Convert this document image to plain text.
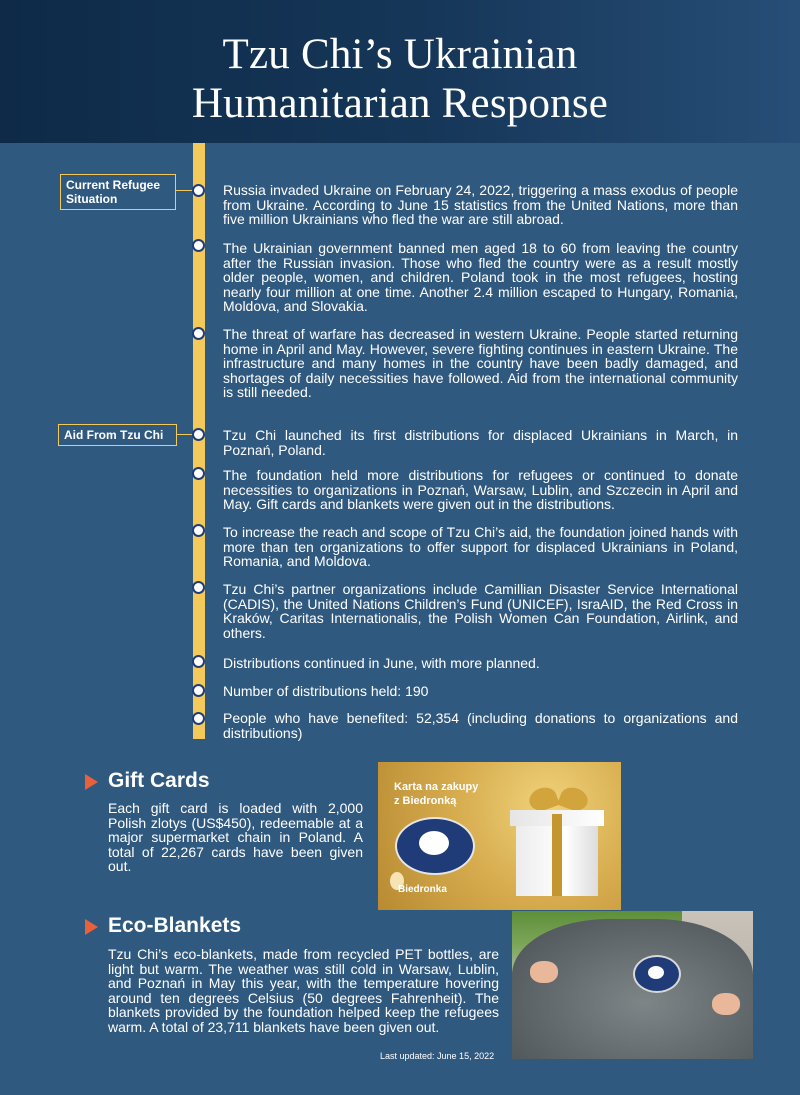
Tzu Chi’s Ukrainian
Humanitarian Response
Current Refugee
Situation
Aid From Tzu Chi
Russia invaded Ukraine on February 24, 2022, triggering a mass exodus of people from Ukraine. According to June 15 statistics from the United Nations, more than five million Ukrainians who fled the war are still abroad.
The Ukrainian government banned men aged 18 to 60 from leaving the country after the Russian invasion. Those who fled the country were as a result mostly older people, women, and children. Poland took in the most refugees, hosting nearly four million at one time. Another 2.4 million escaped to Hungary, Romania, Moldova, and Slovakia.
The threat of warfare has decreased in western Ukraine. People started returning home in April and May. However, severe fighting continues in eastern Ukraine. The infrastructure and many homes in the country have been badly damaged, and shortages of daily necessities have followed. Aid from the international community is still needed.
Tzu Chi launched its first distributions for displaced Ukrainians in March, in Poznań, Poland.
The foundation held more distributions for refugees or continued to donate necessities to organizations in Poznań, Warsaw, Lublin, and Szczecin in April and May. Gift cards and blankets were given out in the distributions.
To increase the reach and scope of Tzu Chi’s aid, the foundation joined hands with more than ten organizations to offer support for displaced Ukrainians in Poland, Romania, and Moldova.
Tzu Chi’s partner organizations include Camillian Disaster Service International (CADIS), the United Nations Children’s Fund (UNICEF), IsraAID, the Red Cross in Kraków, Caritas Internationalis, the Polish Women Can Foundation, Airlink, and others.
Distributions continued in June, with more planned.
Number of distributions held: 190
People who have benefited: 52,354 (including donations to organizations and distributions)
Gift Cards
Each gift card is loaded with 2,000 Polish zlotys (US$450), redeemable at a major supermarket chain in Poland. A total of 22,267 cards have been given out.
Karta na zakupy
z Biedronką
Biedronka
Eco-Blankets
Tzu Chi’s eco-blankets, made from recycled PET bottles, are light but warm. The weather was still cold in Warsaw, Lublin, and Poznań in May this year, with the temperature hovering around ten degrees Celsius (50 degrees Fahrenheit). The blankets provided by the foundation helped keep the refugees warm. A total of 23,711 blankets have been given out.
Last updated: June 15, 2022
